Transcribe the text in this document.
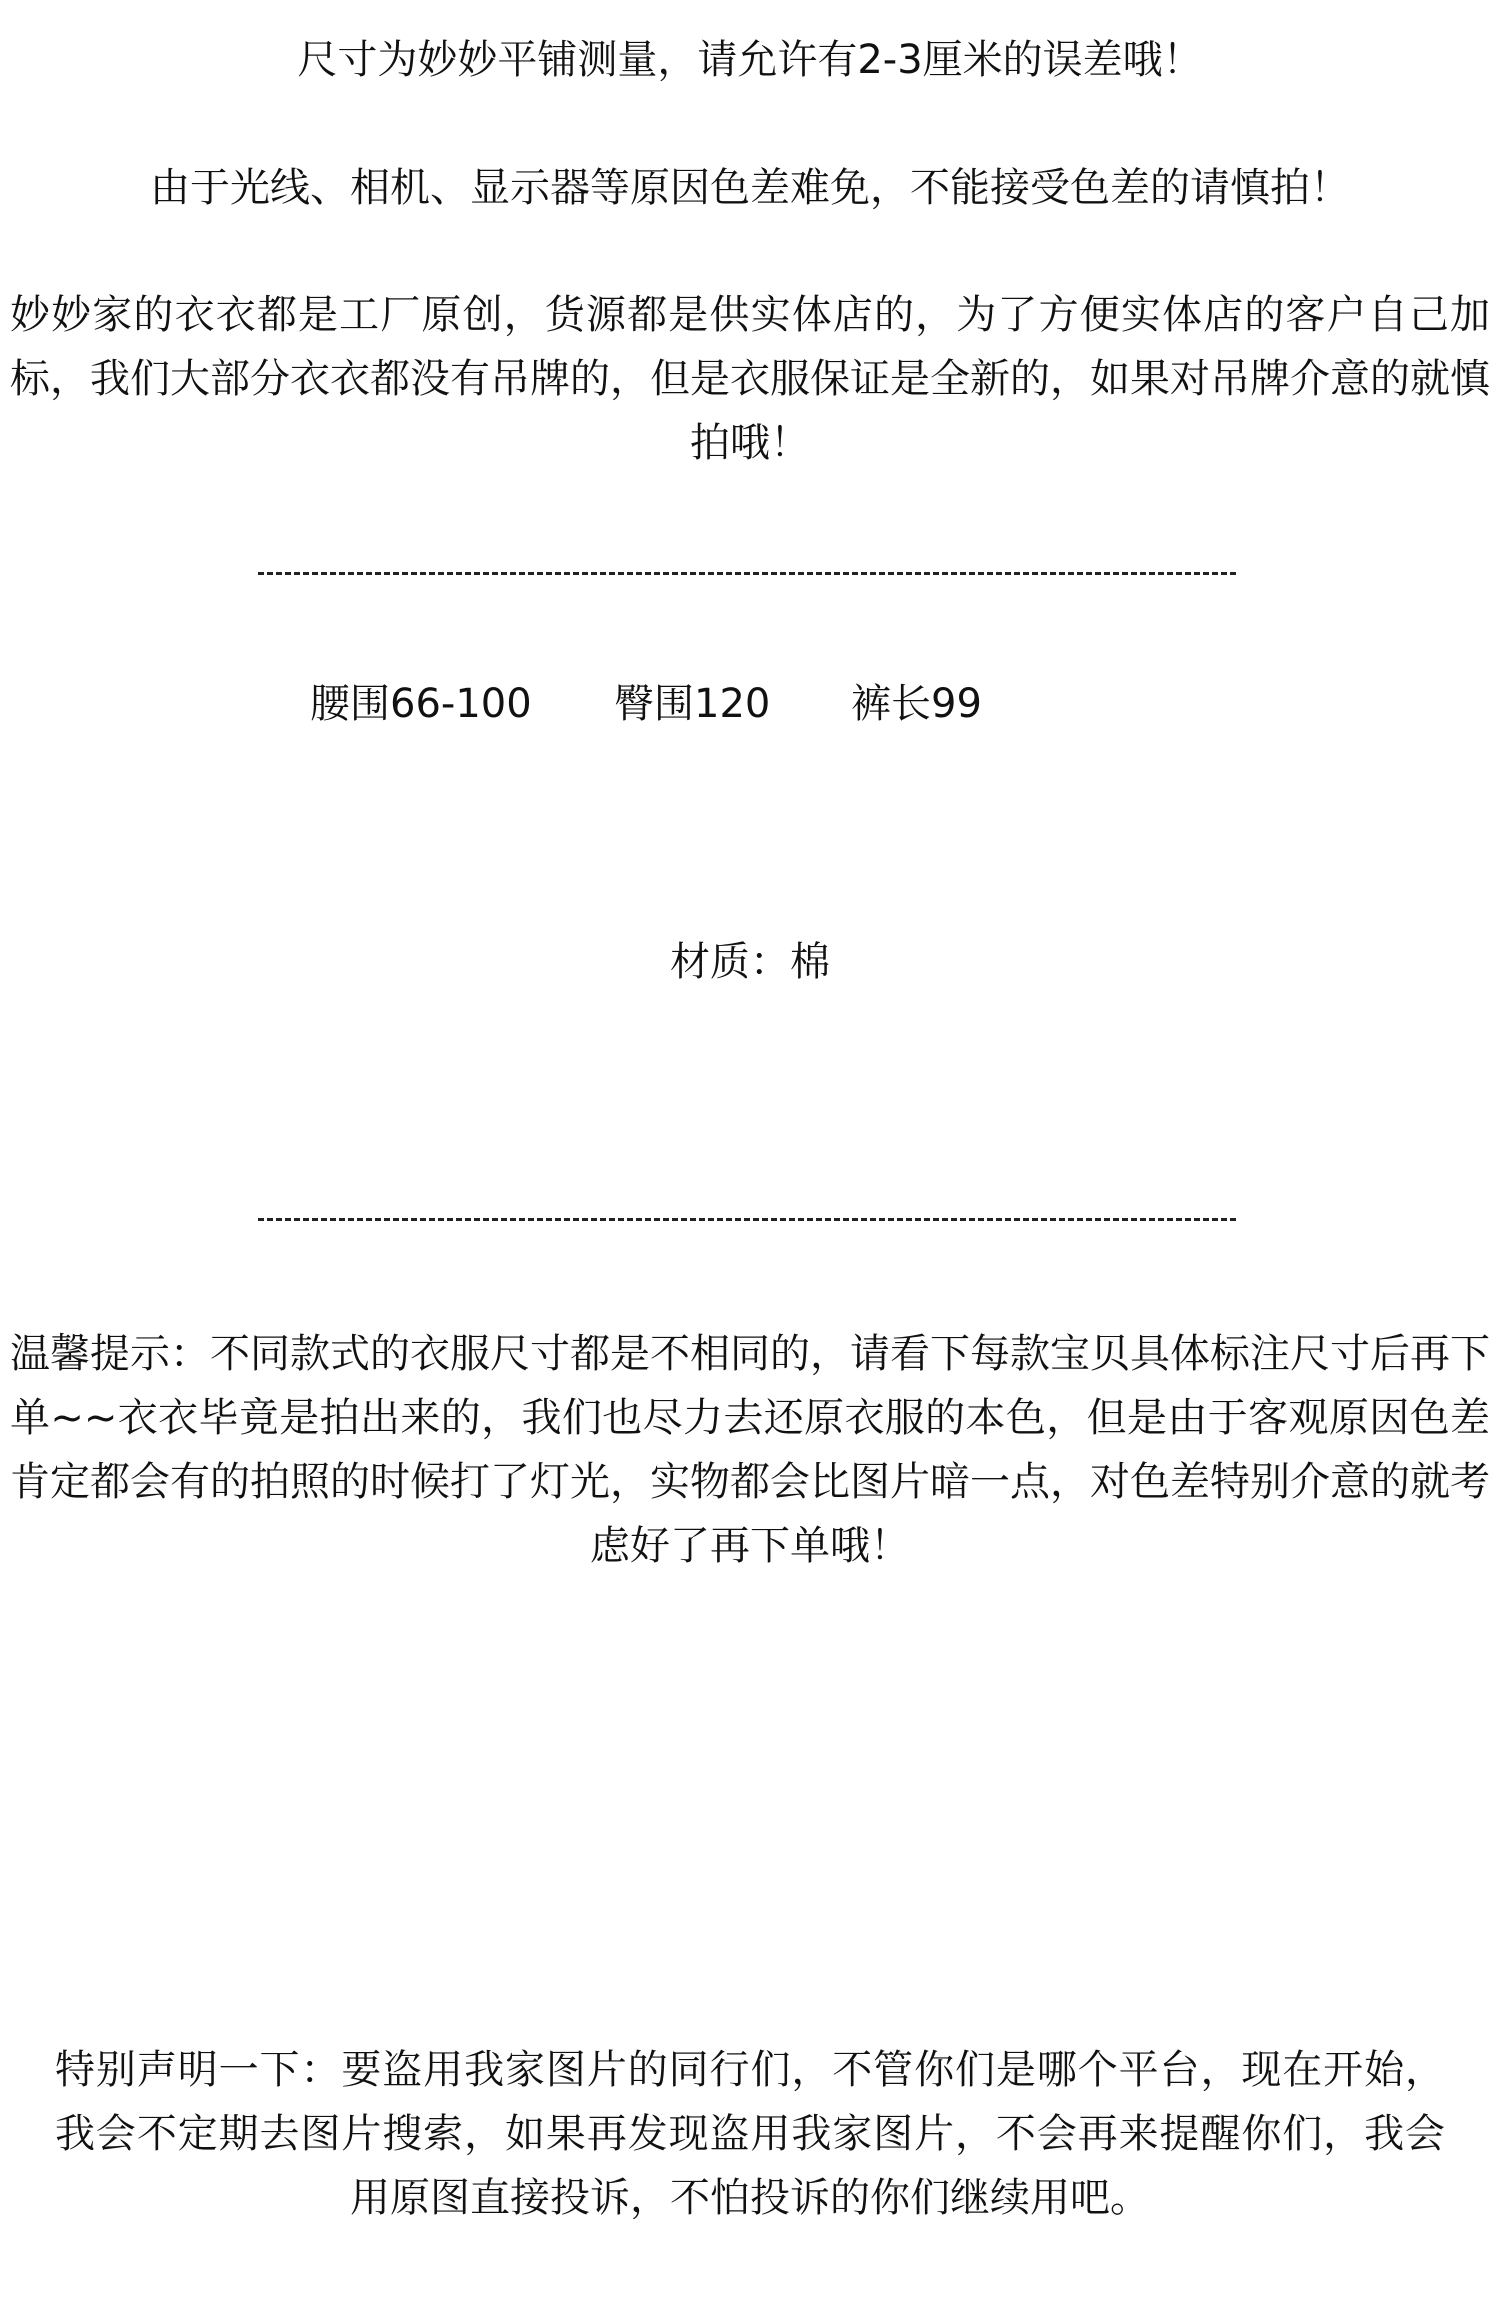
尺寸为妙妙平铺测量，请允许有2-3厘米的误差哦！

由于光线、相机、显示器等原因色差难免，不能接受色差的请慎拍！

妙妙家的衣衣都是工厂原创，货源都是供实体店的，为了方便实体店的客户自己加标，我们大部分衣衣都没有吊牌的，但是衣服保证是全新的，如果对吊牌介意的就慎拍哦！

腰围66-100 臀围120 裤长99

材质：棉

温馨提示：不同款式的衣服尺寸都是不相同的，请看下每款宝贝具体标注尺寸后再下单~~衣衣毕竟是拍出来的，我们也尽力去还原衣服的本色，但是由于客观原因色差肯定都会有的拍照的时候打了灯光，实物都会比图片暗一点，对色差特别介意的就考虑好了再下单哦！

特别声明一下：要盗用我家图片的同行们，不管你们是哪个平台，现在开始，我会不定期去图片搜索，如果再发现盗用我家图片，不会再来提醒你们，我会用原图直接投诉，不怕投诉的你们继续用吧。
